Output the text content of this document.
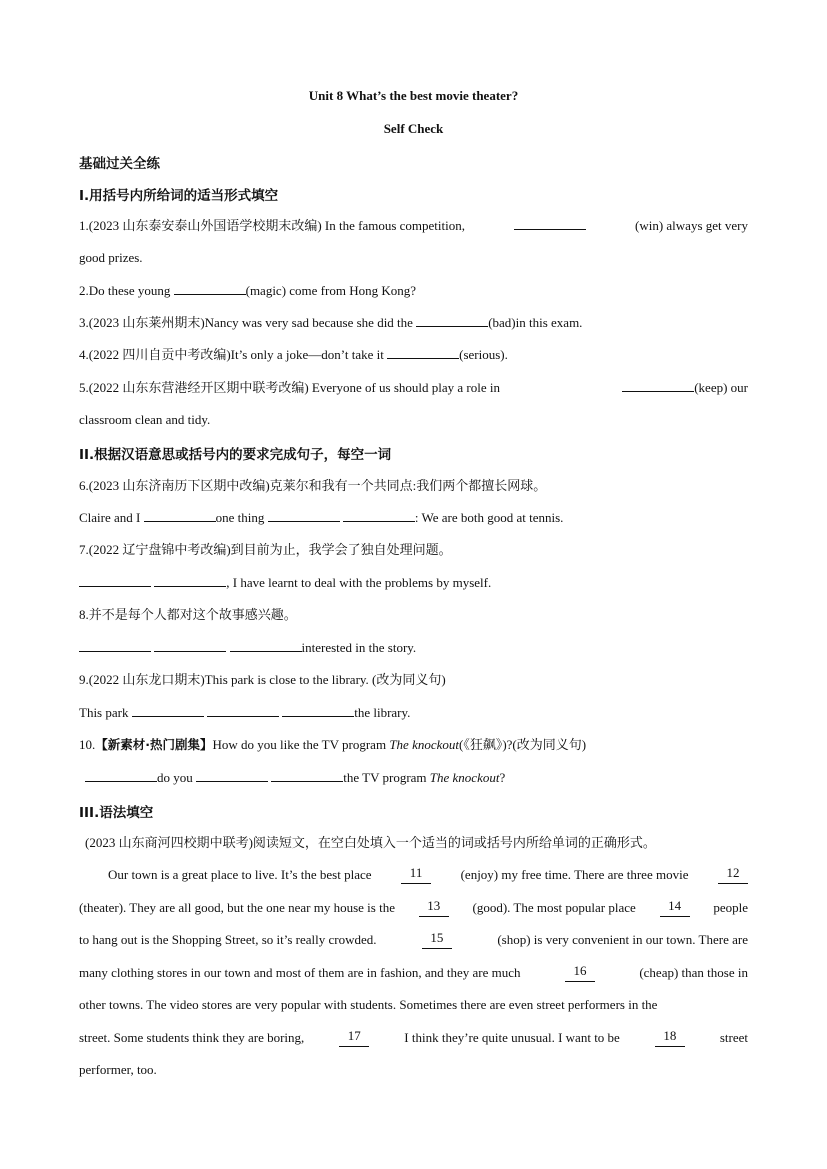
Unit 8 What’s the best movie theater?
Self Check
基础过关全练
I.用括号内所给词的适当形式填空
1.(2023 山东泰安泰山外国语学校期末改编) In the famous competition,	(win) always get very
good prizes.
2.Do these young	(magic) come from Hong Kong?
3.(2023 山东莱州期末)Nancy was very sad because she did the	(bad)in this exam.
4.(2022 四川自贡中考改编)It’s only a joke—don’t take it	(serious).
5.(2022 山东东营港经开区期中联考改编) Everyone of us should play a role in	(keep) our
classroom clean and tidy.
II.根据汉语意思或括号内的要求完成句子，每空一词
6.(2023 山东济南历下区期中改编)克莱尔和我有一个共同点:我们两个都擅长网球。
Claire and I	one thing	: We are both good at tennis.
7.(2022 辽宁盘锦中考改编)到目前为止，我学会了独自处理问题。
, I have learnt to deal with the problems by myself.
8.并不是每个人都对这个故事感兴趣。
interested in the story.
9.(2022 山东龙口期末)This park is close to the library. (改为同义句)
This park	the library.
10.【新素材·热门剧集】How do you like the TV program The knockout(《狂飙》)?(改为同义句)
do you	the TV program The knockout?
III.语法填空
(2023 山东商河四校期中联考)阅读短文，在空白处填入一个适当的词或括号内所给单词的正确形式。
Our town is a great place to live. It’s the best place	11	(enjoy) my free time. There are three movie	12
(theater). They are all good, but the one near my house is the	13	(good). The most popular place	14	people
to hang out is the Shopping Street, so it’s really crowded.	15	(shop) is very convenient in our town. There are
many clothing stores in our town and most of them are in fashion, and they are much	16	(cheap) than those in
other towns. The video stores are very popular with students. Sometimes there are even street performers in the
street. Some students think they are boring,	17	I think they’re quite unusual. I want to be	18	street
performer, too.
